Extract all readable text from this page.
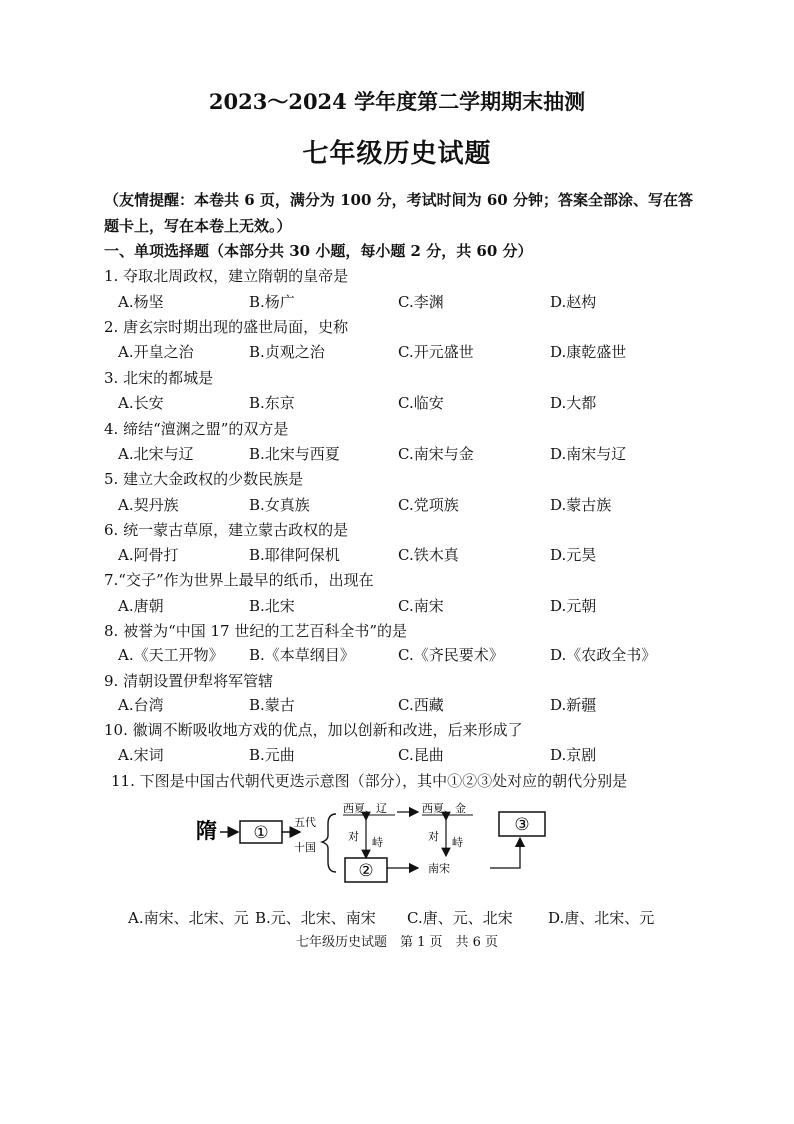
2023～2024 学年度第二学期期末抽测
七年级历史试题
（友情提醒：本卷共 6 页，满分为 100 分，考试时间为 60 分钟；答案全部涂、写在答题卡上，写在本卷上无效。）
一、单项选择题（本部分共 30 小题，每小题 2 分，共 60 分）
1. 夺取北周政权，建立隋朝的皇帝是
A.杨坚	B.杨广	C.李渊	D.赵构
2. 唐玄宗时期出现的盛世局面，史称
A.开皇之治	B.贞观之治	C.开元盛世	D.康乾盛世
3. 北宋的都城是
A.长安	B.东京	C.临安	D.大都
4. 缔结“澶渊之盟”的双方是
A.北宋与辽	B.北宋与西夏	C.南宋与金	D.南宋与辽
5. 建立大金政权的少数民族是
A.契丹族	B.女真族	C.党项族	D.蒙古族
6. 统一蒙古草原，建立蒙古政权的是
A.阿骨打	B.耶律阿保机	C.铁木真	D.元昊
7.“交子”作为世界上最早的纸币，出现在
A.唐朝	B.北宋	C.南宋	D.元朝
8. 被誉为“中国 17 世纪的工艺百科全书”的是
A.《天工开物》 B.《本草纲目》	C.《齐民要术》	D.《农政全书》
9. 清朝设置伊犁将军管辖
A.台湾	B.蒙古	C.西藏	D.新疆
10. 徽调不断吸收地方戏的优点，加以创新和改进，后来形成了
A.宋词	B.元曲	C.昆曲	D.京剧
11. 下图是中国古代朝代更迭示意图（部分），其中①②③处对应的朝代分别是
隋 ①
五代
十国
西夏、辽
对 峙
②
西夏、金
对 峙
南宋
③
A.南宋、北宋、元 B.元、北宋、南宋 C.唐、元、北宋 D.唐、北宋、元
七年级历史试题　第 1 页　共 6 页
